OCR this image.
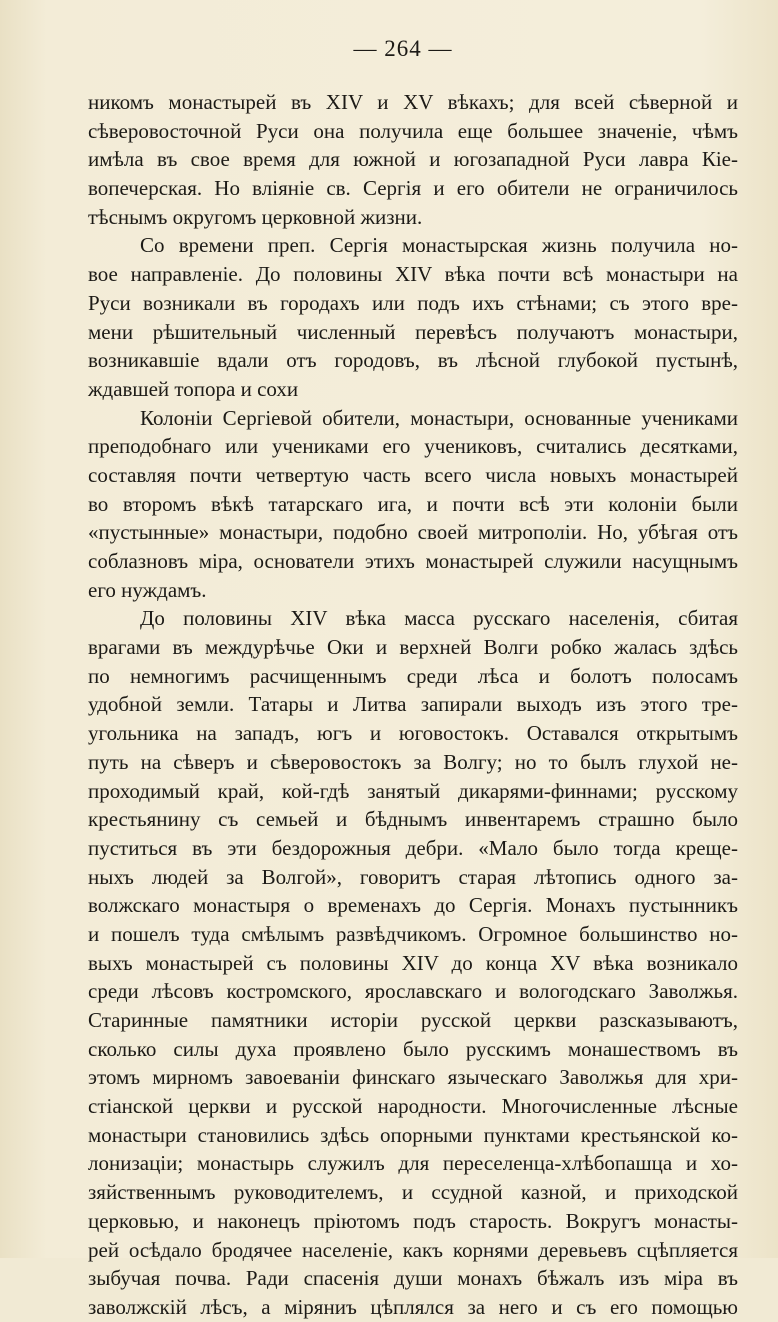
— 264 —
никомъ монастырей въ XIV и XV вѣкахъ; для всей сѣверной и
сѣверовосточной Руси она получила еще большее значеніе, чѣмъ
имѣла въ свое время для южной и югозападной Руси лавра Кіе-
вопечерская. Но вліяніе св. Сергія и его обители не ограничилось
тѣснымъ округомъ церковной жизни.
Со времени преп. Сергія монастырская жизнь получила но-
вое направленіе. До половины XIV вѣка почти всѣ монастыри на
Руси возникали въ городахъ или подъ ихъ стѣнами; съ этого вре-
мени рѣшительный численный перевѣсъ получаютъ монастыри,
возникавшіе вдали отъ городовъ, въ лѣсной глубокой пустынѣ,
ждавшей топора и сохи
Колоніи Сергіевой обители, монастыри, основанные учениками
преподобнаго или учениками его учениковъ, считались десятками,
составляя почти четвертую часть всего числа новыхъ монастырей
во второмъ вѣкѣ татарскаго ига, и почти всѣ эти колоніи были
«пустынные» монастыри, подобно своей митрополіи. Но, убѣгая отъ
соблазновъ міра, основатели этихъ монастырей служили насущнымъ
его нуждамъ.
До половины XIV вѣка масса русскаго населенія, сбитая
врагами въ междурѣчье Оки и верхней Волги робко жалась здѣсь
по немногимъ расчищеннымъ среди лѣса и болотъ полосамъ
удобной земли. Татары и Литва запирали выходъ изъ этого тре-
угольника на западъ, югъ и юговостокъ. Оставался открытымъ
путь на сѣверъ и сѣверовостокъ за Волгу; но то былъ глухой не-
проходимый край, кой-гдѣ занятый дикарями-финнами; русскому
крестьянину съ семьей и бѣднымъ инвентаремъ страшно было
пуститься въ эти бездорожныя дебри. «Мало было тогда креще-
ныхъ людей за Волгой», говоритъ старая лѣтопись одного за-
волжскаго монастыря о временахъ до Сергія. Монахъ пустынникъ
и пошелъ туда смѣлымъ развѣдчикомъ. Огромное большинство но-
выхъ монастырей съ половины XIV до конца XV вѣка возникало
среди лѣсовъ костромского, ярославскаго и вологодскаго Заволжья.
Старинные памятники исторіи русской церкви разсказываютъ,
сколько силы духа проявлено было русскимъ монашествомъ въ
этомъ мирномъ завоеваніи финскаго языческаго Заволжья для хри-
стіанской церкви и русской народности. Многочисленные лѣсные
монастыри становились здѣсь опорными пунктами крестьянской ко-
лонизаціи; монастырь служилъ для переселенца-хлѣбопашца и хо-
зяйственнымъ руководителемъ, и ссудной казной, и приходской
церковью, и наконецъ пріютомъ подъ старость. Вокругъ монасты-
рей осѣдало бродячее населеніе, какъ корнями деревьевъ сцѣпляется
зыбучая почва. Ради спасенія души монахъ бѣжалъ изъ міра въ
заволжскій лѣсъ, а міряниъ цѣплялся за него и съ его помощью
